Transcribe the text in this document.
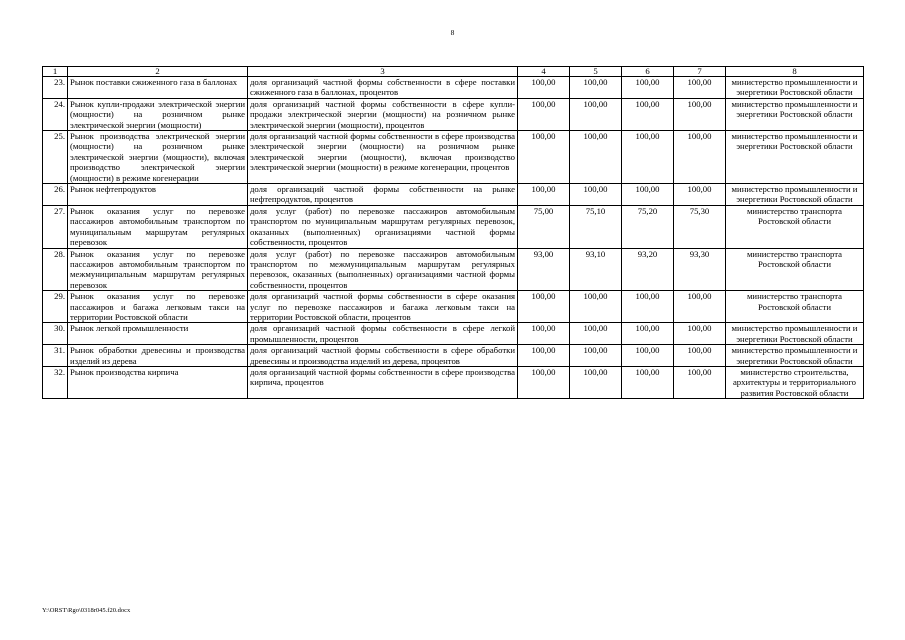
8
1	2	3	4	5	6	7	8
23.	Рынок поставки сжиженного газа в баллонах	доля организаций частной формы собственности в сфере поставки сжиженного газа в баллонах, процентов	100,00	100,00	100,00	100,00	министерство промышленности и энергетики Ростовской области
24.	Рынок купли-продажи электрической энергии (мощности) на розничном рынке электрической энергии (мощности)	доля организаций частной формы собственности в сфере купли-продажи электрической энергии (мощности) на розничном рынке электрической энергии (мощности), процентов	100,00	100,00	100,00	100,00	министерство промышленности и энергетики Ростовской области
25.	Рынок производства электрической энергии (мощности) на розничном рынке электрической энергии (мощности), включая производство электрической энергии (мощности) в режиме когенерации	доля организаций частной формы собственности в сфере производства электрической энергии (мощности) на розничном рынке электрической энергии (мощности), включая производство электрической энергии (мощности) в режиме когенерации, процентов	100,00	100,00	100,00	100,00	министерство промышленности и энергетики Ростовской области
26.	Рынок нефтепродуктов	доля организаций частной формы собственности на рынке нефтепродуктов, процентов	100,00	100,00	100,00	100,00	министерство промышленности и энергетики Ростовской области
27.	Рынок оказания услуг по перевозке пассажиров автомобильным транспортом по муниципальным маршрутам регулярных перевозок	доля услуг (работ) по перевозке пассажиров автомобильным транспортом по муниципальным маршрутам регулярных перевозок, оказанных (выполненных) организациями частной формы собственности, процентов	75,00	75,10	75,20	75,30	министерство транспорта Ростовской области
28.	Рынок оказания услуг по перевозке пассажиров автомобильным транспортом по межмуниципальным маршрутам регулярных перевозок	доля услуг (работ) по перевозке пассажиров автомобильным транспортом по межмуниципальным маршрутам регулярных перевозок, оказанных (выполненных) организациями частной формы собственности, процентов	93,00	93,10	93,20	93,30	министерство транспорта Ростовской области
29.	Рынок оказания услуг по перевозке пассажиров и багажа легковым такси на территории Ростовской области	доля организаций частной формы собственности в сфере оказания услуг по перевозке пассажиров и багажа легковым такси на территории Ростовской области, процентов	100,00	100,00	100,00	100,00	министерство транспорта Ростовской области
30.	Рынок легкой промышленности	доля организаций частной формы собственности в сфере легкой промышленности, процентов	100,00	100,00	100,00	100,00	министерство промышленности и энергетики Ростовской области
31.	Рынок обработки древесины и производства изделий из дерева	доля организаций частной формы собственности в сфере обработки древесины и производства изделий из дерева, процентов	100,00	100,00	100,00	100,00	министерство промышленности и энергетики Ростовской области
32.	Рынок производства кирпича	доля организаций частной формы собственности в сфере производства кирпича, процентов	100,00	100,00	100,00	100,00	министерство строительства, архитектуры и территориального развития Ростовской области
Y:\ORST\Rgo\0318r045.f20.docx
